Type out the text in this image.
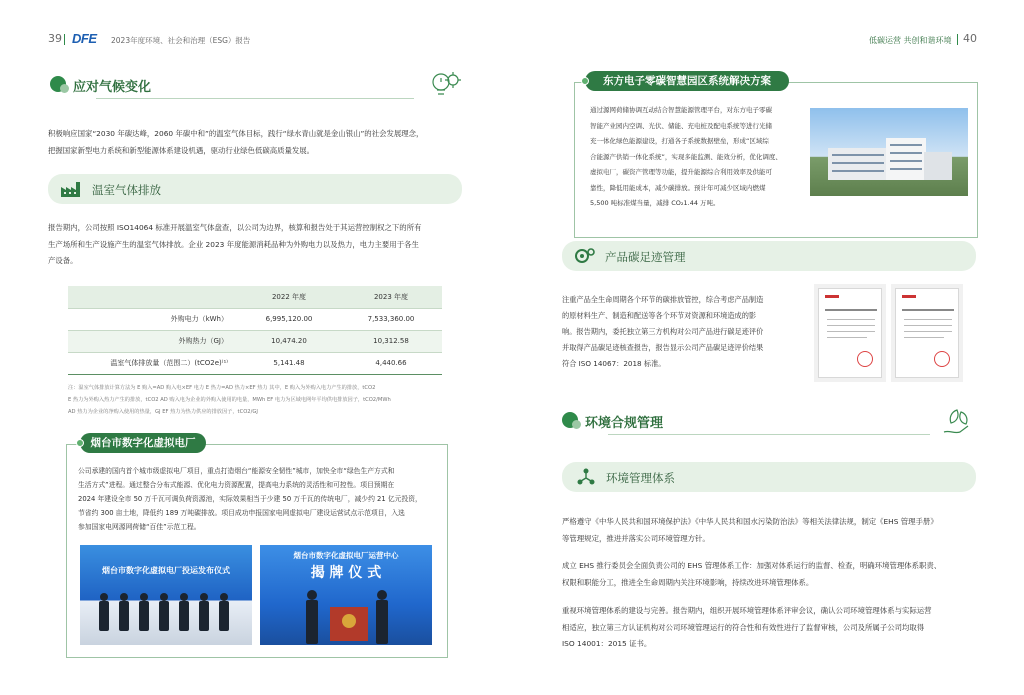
39 DFE 2023年度环境、社会和治理（ESG）报告	低碳运营 共创和谐环境 40
应对气候变化
积极响应国家“2030 年碳达峰，2060 年碳中和”的温室气体目标，践行“绿水青山就是金山银山”的社会发展理念，
把握国家新型电力系统和新型能源体系建设机遇，驱动行业绿色低碳高质量发展。
温室气体排放
报告期内，公司按照 ISO14064 标准开展温室气体盘查，以公司为边界，核算和报告处于其运营控制权之下的所有
生产场所和生产设施产生的温室气体排放。企业 2023 年度能源消耗品种为外购电力以及热力，电力主要用于各生
产设备。
	2022 年度	2023 年度
外购电力（kWh）	6,995,120.00	7,533,360.00
外购热力（GJ）	10,474.20	10,312.58
温室气体排放量（范围二）(tCO2e)⁽¹⁾	5,141.48	4,440.66
注：温室气体排放计算方法为 E 购入=AD 购入电×EF 电力 E 热力=AD 热力×EF 热力 其中，E 购入为外购入电力产生的排放，tCO2
E 热力为外购入热力产生的排放，tCO2 AD 购入电为企业的外购入使用的电量，MWh EF 电力为区域电网年平均供电排放因子，tCO2/MWh
AD 热力为企业的净购入使用的热量，GJ EF 热力为热力供应的排放因子，tCO2/GJ
烟台市数字化虚拟电厂
公司承建的国内首个城市级虚拟电厂项目，重点打造烟台“能源安全韧性”城市，加快全市“绿色生产方式和
生活方式”进程。通过整合分布式能源、优化电力资源配置，提高电力系统的灵活性和可控性。项目预期在
2024 年建设全市 50 万千瓦可调负荷资源池，实际效果相当于少建 50 万千瓦的传统电厂，减少约 21 亿元投资，
节省约 300 亩土地，降低约 189 万吨碳排放。项目成功申报国家电网虚拟电厂建设运营试点示范项目，入选
参加国家电网源网荷储“百佳”示范工程。
烟台市数字化虚拟电厂投运发布仪式
烟台市数字化虚拟电厂运营中心
揭 牌 仪 式
东方电子零碳智慧园区系统解决方案
通过源网荷储协调互动结合智慧能源管理平台，对东方电子零碳
智能产业园内空调、光伏、储能、充电桩及配电系统等进行光储
充一体化绿色能源建设，打通各子系统数据壁垒，形成“区域综
合能源产供销一体化系统”，实现多能监测、能效分析，优化调度、
虚拟电厂，碳资产管理等功能，提升能源综合利用效率及供能可
靠性，降低用能成本，减少碳排放。预计年可减少区域内燃煤
5,500 吨标准煤当量，减排 CO₂1.44 万吨。
产品碳足迹管理
注重产品全生命周期各个环节的碳排放管控，综合考虑产品制造
的原材料生产、制造和配送等各个环节对资源和环境造成的影
响。报告期内，委托独立第三方机构对公司产品进行碳足迹评价
并取得产品碳足迹核查报告，报告显示公司产品碳足迹评价结果
符合 ISO 14067：2018 标准。
环境合规管理
环境管理体系
严格遵守《中华人民共和国环境保护法》《中华人民共和国水污染防治法》等相关法律法规，制定《EHS 管理手册》
等管理规定，推进并落实公司环境管理方针。
成立 EHS 推行委员会全面负责公司的 EHS 管理体系工作：加强对体系运行的监督、检查，明确环境管理体系职责、
权限和职能分工，推进全生命周期内关注环境影响，持续改进环境管理体系。
重视环境管理体系的建设与完善。报告期内，组织开展环境管理体系评审会议，确认公司环境管理体系与实际运营
相适应，独立第三方认证机构对公司环境管理运行的符合性和有效性进行了监督审核，公司及所属子公司均取得
ISO 14001：2015 证书。
